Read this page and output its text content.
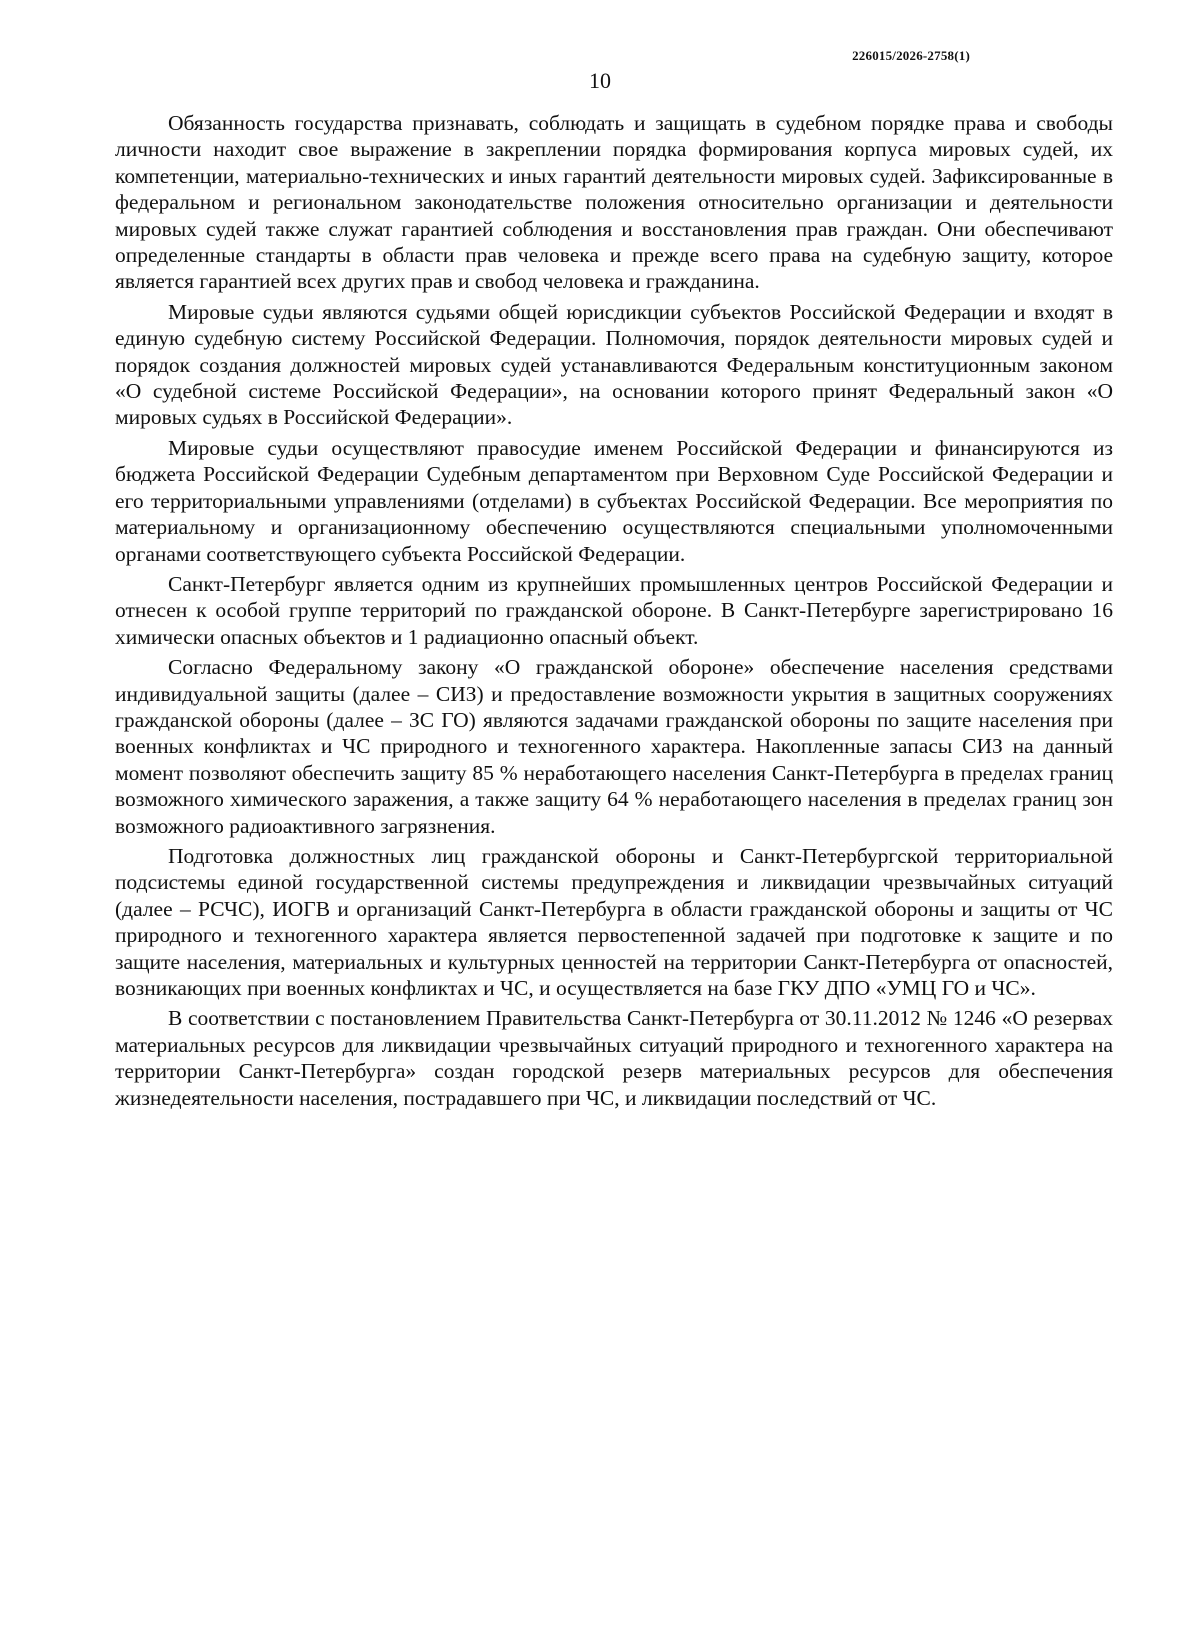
226015/2026-2758(1)
10

Обязанность государства признавать, соблюдать и защищать в судебном порядке права и свободы личности находит свое выражение в закреплении порядка формирования корпуса мировых судей, их компетенции, материально-технических и иных гарантий деятельности мировых судей. Зафиксированные в федеральном и региональном законодательстве положения относительно организации и деятельности мировых судей также служат гарантией соблюдения и восстановления прав граждан. Они обеспечивают определенные стандарты в области прав человека и прежде всего права на судебную защиту, которое является гарантией всех других прав и свобод человека и гражданина.

Мировые судьи являются судьями общей юрисдикции субъектов Российской Федерации и входят в единую судебную систему Российской Федерации. Полномочия, порядок деятельности мировых судей и порядок создания должностей мировых судей устанавливаются Федеральным конституционным законом «О судебной системе Российской Федерации», на основании которого принят Федеральный закон «О мировых судьях в Российской Федерации».

Мировые судьи осуществляют правосудие именем Российской Федерации и финансируются из бюджета Российской Федерации Судебным департаментом при Верховном Суде Российской Федерации и его территориальными управлениями (отделами) в субъектах Российской Федерации. Все мероприятия по материальному и организационному обеспечению осуществляются специальными уполномоченными органами соответствующего субъекта Российской Федерации.

Санкт-Петербург является одним из крупнейших промышленных центров Российской Федерации и отнесен к особой группе территорий по гражданской обороне. В Санкт-Петербурге зарегистрировано 16 химически опасных объектов и 1 радиационно опасный объект.

Согласно Федеральному закону «О гражданской обороне» обеспечение населения средствами индивидуальной защиты (далее – СИЗ) и предоставление возможности укрытия в защитных сооружениях гражданской обороны (далее – ЗС ГО) являются задачами гражданской обороны по защите населения при военных конфликтах и ЧС природного и техногенного характера. Накопленные запасы СИЗ на данный момент позволяют обеспечить защиту 85 % неработающего населения Санкт-Петербурга в пределах границ возможного химического заражения, а также защиту 64 % неработающего населения в пределах границ зон возможного радиоактивного загрязнения.

Подготовка должностных лиц гражданской обороны и Санкт-Петербургской территориальной подсистемы единой государственной системы предупреждения и ликвидации чрезвычайных ситуаций (далее – РСЧС), ИОГВ и организаций Санкт-Петербурга в области гражданской обороны и защиты от ЧС природного и техногенного характера является первостепенной задачей при подготовке к защите и по защите населения, материальных и культурных ценностей на территории Санкт-Петербурга от опасностей, возникающих при военных конфликтах и ЧС, и осуществляется на базе ГКУ ДПО «УМЦ ГО и ЧС».

В соответствии с постановлением Правительства Санкт-Петербурга от 30.11.2012 № 1246 «О резервах материальных ресурсов для ликвидации чрезвычайных ситуаций природного и техногенного характера на территории Санкт-Петербурга» создан городской резерв материальных ресурсов для обеспечения жизнедеятельности населения, пострадавшего при ЧС, и ликвидации последствий от ЧС.
